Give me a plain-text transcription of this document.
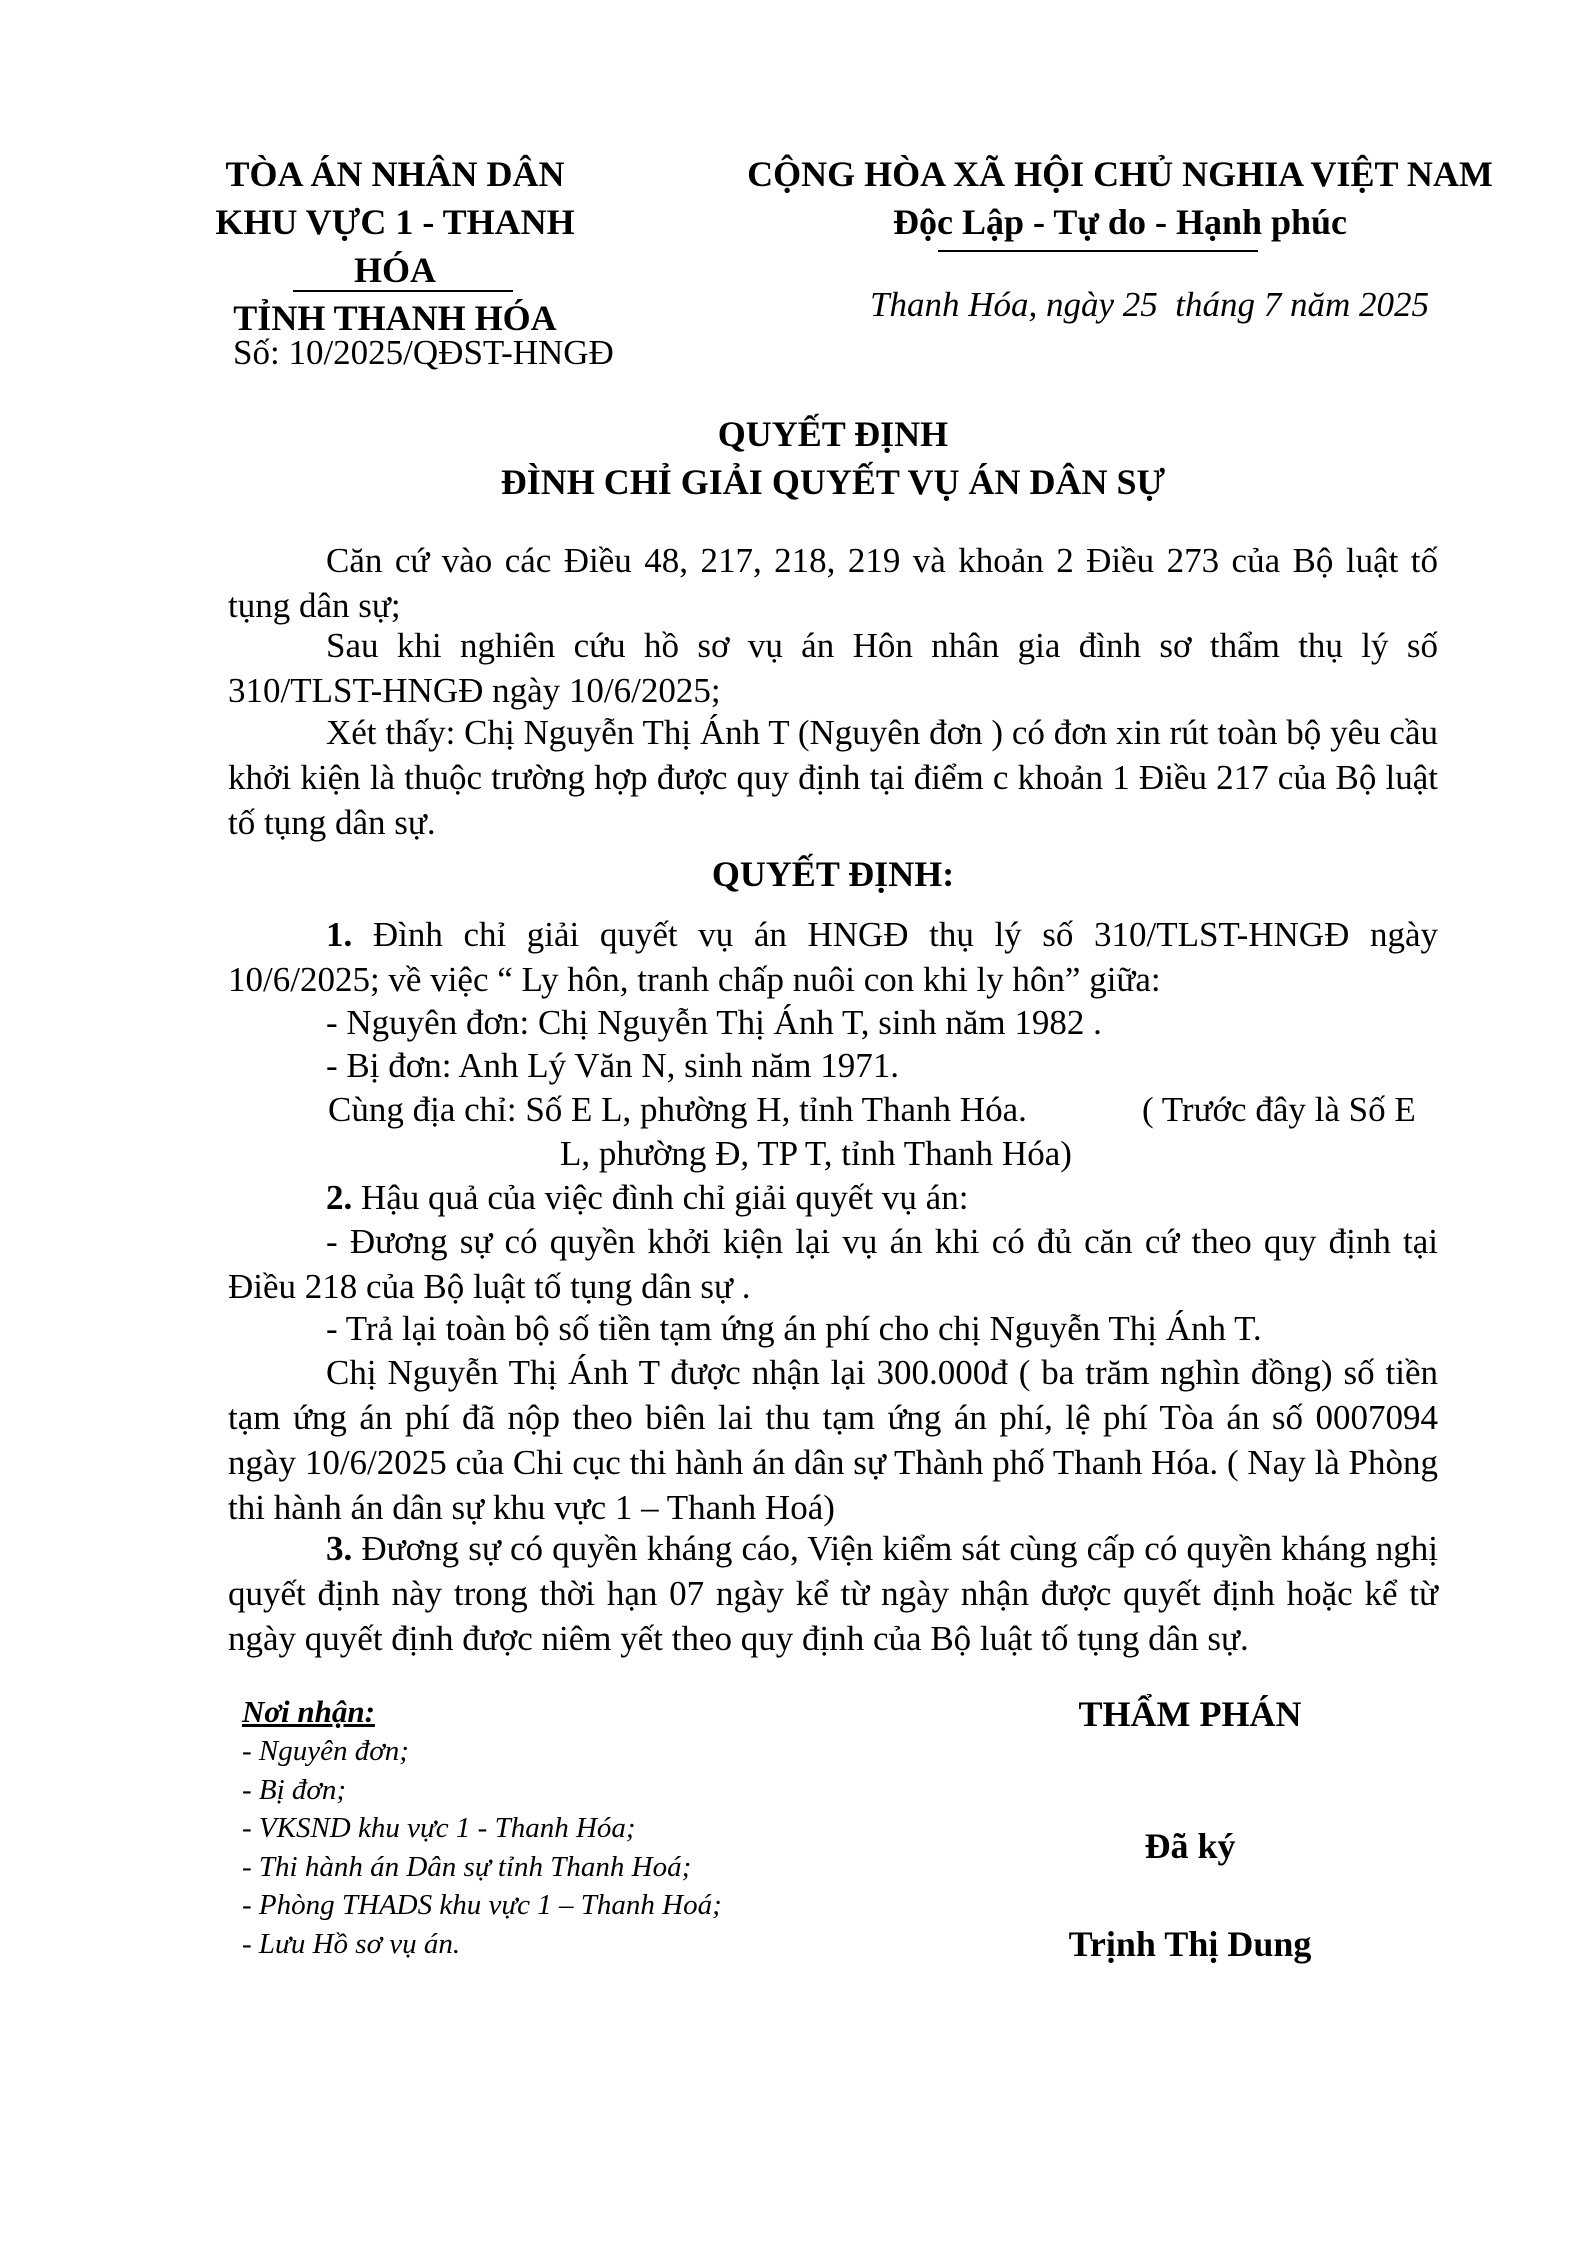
TÒA ÁN NHÂN DÂN
KHU VỰC 1 - THANH HÓA
TỈNH THANH HÓA
CỘNG HÒA XÃ HỘI CHỦ NGHIA VIỆT NAM
Độc Lập - Tự do - Hạnh phúc
Số: 10/2025/QĐST-HNGĐ
Thanh Hóa, ngày 25  tháng 7 năm 2025
QUYẾT ĐỊNH
ĐÌNH CHỈ GIẢI QUYẾT VỤ ÁN DÂN SỰ
Căn cứ vào các Điều 48, 217, 218, 219 và khoản 2 Điều 273 của Bộ luật tố tụng dân sự;
Sau khi nghiên cứu hồ sơ vụ án Hôn nhân gia đình sơ thẩm thụ lý số 310/TLST-HNGĐ ngày 10/6/2025;
Xét thấy: Chị Nguyễn Thị Ánh T (Nguyên đơn ) có đơn xin rút toàn bộ yêu cầu khởi kiện là thuộc trường hợp được quy định tại điểm c khoản 1 Điều 217 của Bộ luật tố tụng dân sự.
QUYẾT ĐỊNH:
1. Đình chỉ giải quyết vụ án HNGĐ thụ lý số 310/TLST-HNGĐ ngày 10/6/2025; về việc “ Ly hôn, tranh chấp nuôi con khi ly hôn” giữa:
- Nguyên đơn: Chị Nguyễn Thị Ánh T, sinh năm 1982 .
- Bị đơn: Anh Lý Văn N, sinh năm 1971.
Cùng địa chỉ: Số E L, phường H, tỉnh Thanh Hóa.	( Trước đây là Số E
L, phường Đ, TP T, tỉnh Thanh Hóa)
2. Hậu quả của việc đình chỉ giải quyết vụ án:
- Đương sự có quyền khởi kiện lại vụ án khi có đủ căn cứ theo quy định tại Điều 218 của Bộ luật tố tụng dân sự .
- Trả lại toàn bộ số tiền tạm ứng án phí cho chị Nguyễn Thị Ánh T.
Chị Nguyễn Thị Ánh T được nhận lại 300.000đ ( ba trăm nghìn đồng) số tiền tạm ứng án phí đã nộp theo biên lai thu tạm ứng án phí, lệ phí Tòa án số 0007094 ngày 10/6/2025 của Chi cục thi hành án dân sự Thành phố Thanh Hóa. ( Nay là Phòng thi hành án dân sự khu vực 1 – Thanh Hoá)
3. Đương sự có quyền kháng cáo, Viện kiểm sát cùng cấp có quyền kháng nghị quyết định này trong thời hạn 07 ngày kể từ ngày nhận được quyết định hoặc kể từ ngày quyết định được niêm yết theo quy định của Bộ luật tố tụng dân sự.
Nơi nhận:
- Nguyên đơn;
- Bị đơn;
- VKSND khu vực 1 - Thanh Hóa;
- Thi hành án Dân sự tỉnh Thanh Hoá;
- Phòng THADS khu vực 1 – Thanh Hoá;
- Lưu Hồ sơ vụ án.
THẨM PHÁN
Đã ký
Trịnh Thị Dung
